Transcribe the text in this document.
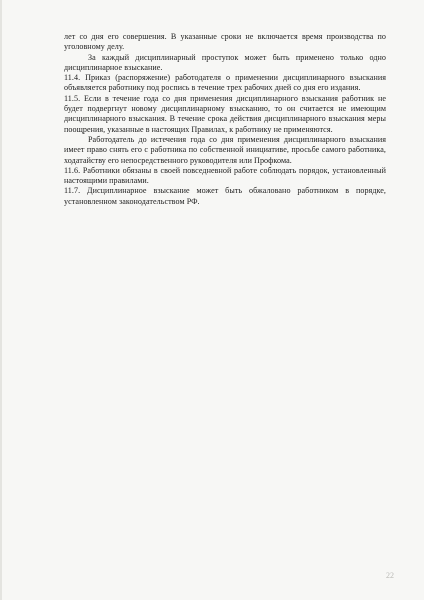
лет со дня его совершения. В указанные сроки не включается время производства по уголовному делу.

За каждый дисциплинарный проступок может быть применено только одно дисциплинарное взыскание.

11.4. Приказ (распоряжение) работодателя о применении дисциплинарного взыскания объявляется работнику под роспись в течение трех рабочих дней со дня его издания.

11.5. Если в течение года со дня применения дисциплинарного взыскания работник не будет подвергнут новому дисциплинарному взысканию, то он считается не имеющим дисциплинарного взыскания. В течение срока действия дисциплинарного взыскания меры поощрения, указанные в настоящих Правилах, к работнику не применяются.

Работодатель до истечения года со дня применения дисциплинарного взыскания имеет право снять его с работника по собственной инициативе, просьбе самого работника, ходатайству его непосредственного руководителя или Профкома.

11.6. Работники обязаны в своей повседневной работе соблюдать порядок, установленный настоящими правилами.

11.7. Дисциплинарное взыскание может быть обжаловано работником в порядке, установленном законодательством РФ.

22
